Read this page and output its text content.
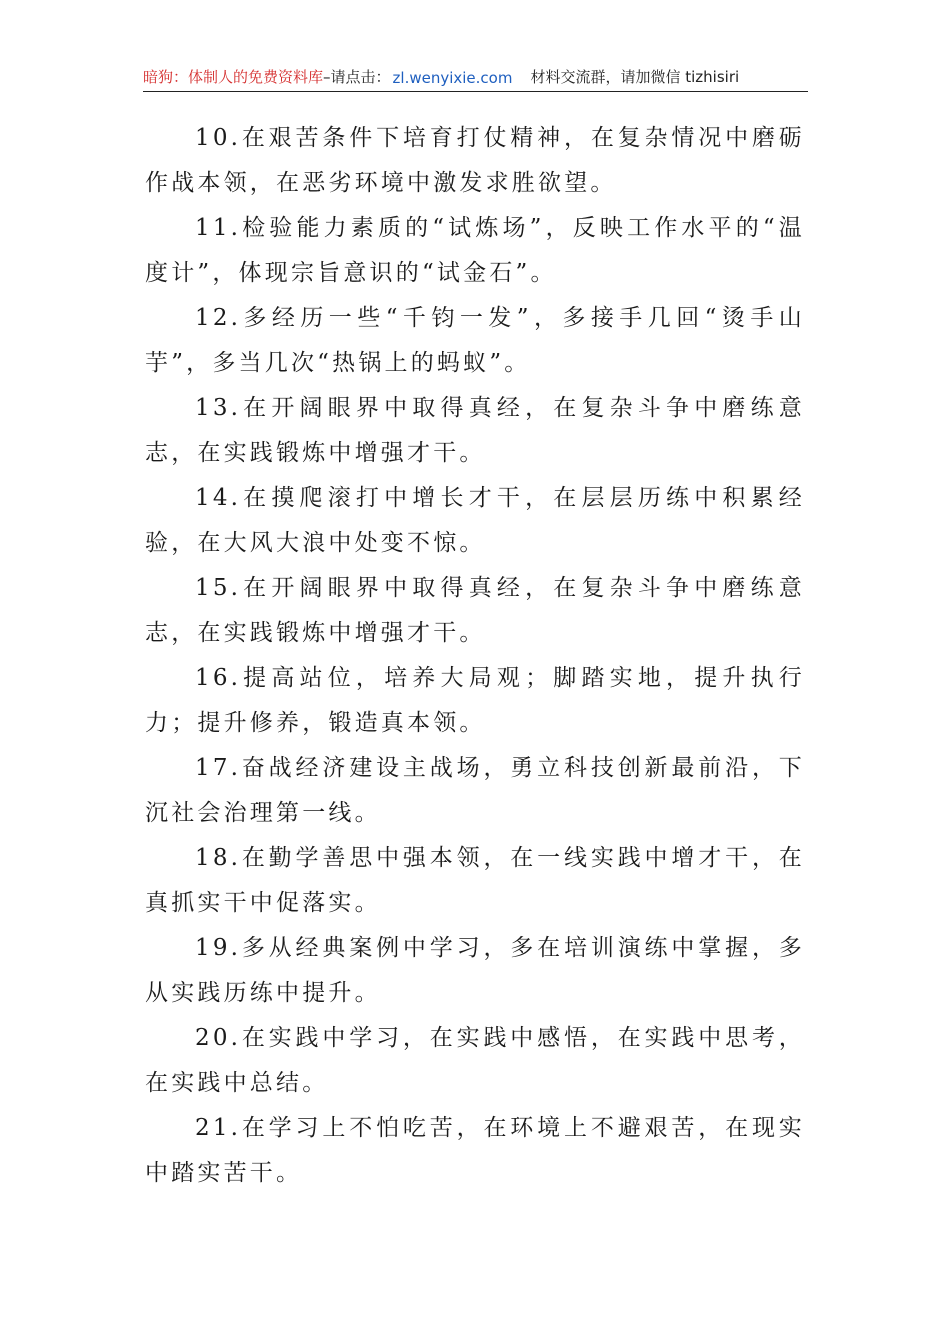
暗狗：体制人的免费资料库 –请点击： zl.wenyixie.com 材料交流群，请加微信 tizhisiri

10.在艰苦条件下培育打仗精神，在复杂情况中磨砺作战本领，在恶劣环境中激发求胜欲望。

11.检验能力素质的“试炼场”，反映工作水平的“温度计”，体现宗旨意识的“试金石”。

12.多经历一些“千钧一发”，多接手几回“烫手山芋”，多当几次“热锅上的蚂蚁”。

13.在开阔眼界中取得真经，在复杂斗争中磨练意志，在实践锻炼中增强才干。

14.在摸爬滚打中增长才干，在层层历练中积累经验，在大风大浪中处变不惊。

15.在开阔眼界中取得真经，在复杂斗争中磨练意志，在实践锻炼中增强才干。

16.提高站位，培养大局观；脚踏实地，提升执行力；提升修养，锻造真本领。

17.奋战经济建设主战场，勇立科技创新最前沿，下沉社会治理第一线。

18.在勤学善思中强本领，在一线实践中增才干，在真抓实干中促落实。

19.多从经典案例中学习，多在培训演练中掌握，多从实践历练中提升。

20.在实践中学习，在实践中感悟，在实践中思考，在实践中总结。

21.在学习上不怕吃苦，在环境上不避艰苦，在现实中踏实苦干。
